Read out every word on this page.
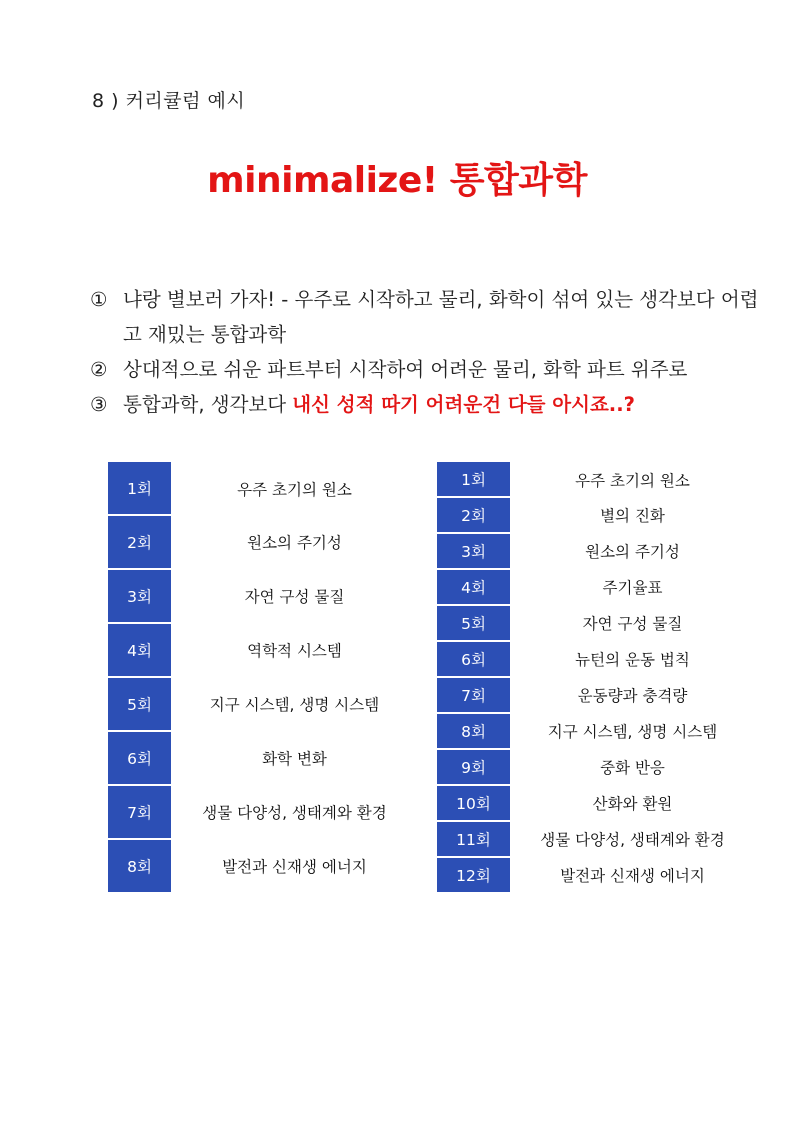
8 ) 커리큘럼 예시
minimalize! 통합과학
① 냐랑 별보러 가자! - 우주로 시작하고 물리, 화학이 섞여 있는 생각보다 어렵고 재밌는 통합과학
② 상대적으로 쉬운 파트부터 시작하여 어려운 물리, 화학 파트 위주로
③ 통합과학, 생각보다 내신 성적 따기 어려운건 다들 아시죠..?
1회	우주 초기의 원소
2회	원소의 주기성
3회	자연 구성 물질
4회	역학적 시스템
5회	지구 시스템, 생명 시스템
6회	화학 변화
7회	생물 다양성, 생태계와 환경
8회	발전과 신재생 에너지
1회	우주 초기의 원소
2회	별의 진화
3회	원소의 주기성
4회	주기율표
5회	자연 구성 물질
6회	뉴턴의 운동 법칙
7회	운동량과 충격량
8회	지구 시스템, 생명 시스템
9회	중화 반응
10회	산화와 환원
11회	생물 다양성, 생태계와 환경
12회	발전과 신재생 에너지
